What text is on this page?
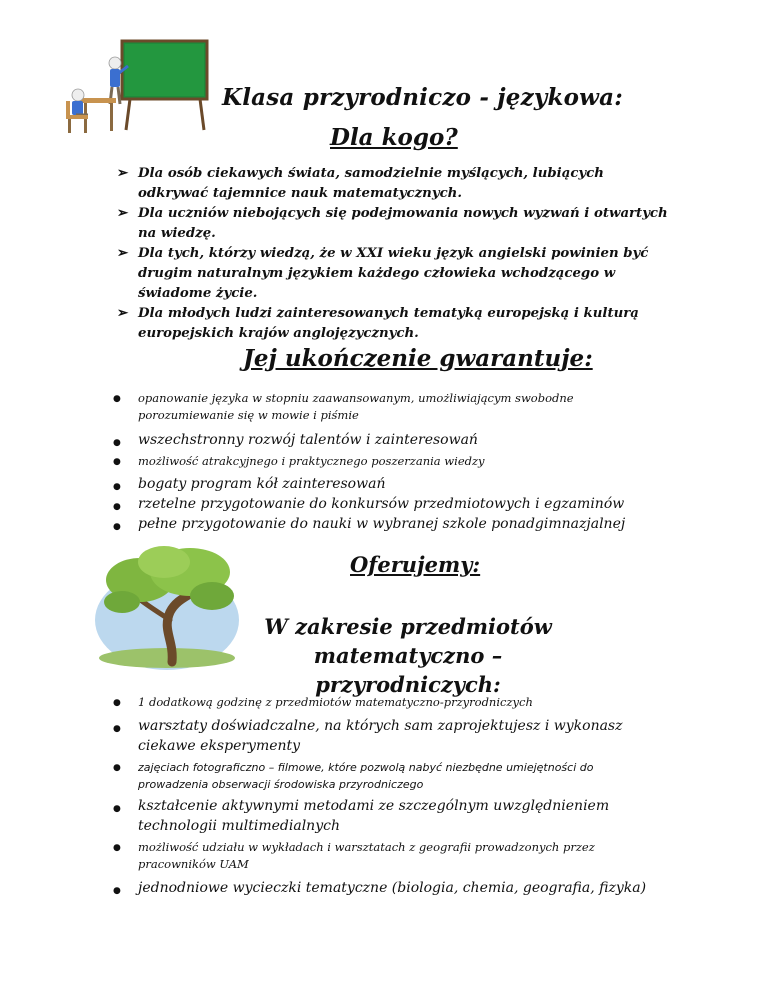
Klasa przyrodniczo - językowa:
Dla kogo?
➢ Dla osób ciekawych świata, samodzielnie myślących, lubiących odkrywać tajemnice nauk matematycznych.
➢ Dla uczniów niebojących się podejmowania nowych wyzwań i otwartych na wiedzę.
➢ Dla tych, którzy wiedzą, że w XXI wieku język angielski powinien być drugim naturalnym językiem każdego człowieka wchodzącego w świadome życie.
➢ Dla młodych ludzi zainteresowanych tematyką europejską i kulturą europejskich krajów anglojęzycznych.
Jej ukończenie gwarantuje:
● opanowanie języka w stopniu zaawansowanym, umożliwiającym swobodne porozumiewanie się w mowie i piśmie
● wszechstronny rozwój talentów i zainteresowań
● możliwość atrakcyjnego i praktycznego poszerzania wiedzy
● bogaty program kół zainteresowań
● rzetelne przygotowanie do konkursów przedmiotowych i egzaminów
● pełne przygotowanie do nauki w wybranej szkole ponadgimnazjalnej
Oferujemy:
W zakresie przedmiotów matematyczno – przyrodniczych:
● 1 dodatkową godzinę z przedmiotów matematyczno-przyrodniczych
● warsztaty doświadczalne, na których sam zaprojektujesz i wykonasz ciekawe eksperymenty
● zajęciach fotograficzno – filmowe, które pozwolą nabyć niezbędne umiejętności do prowadzenia obserwacji środowiska przyrodniczego
● kształcenie aktywnymi metodami ze szczególnym uwzględnieniem technologii multimedialnych
● możliwość udziału w wykładach i warsztatach z geografii prowadzonych przez pracowników UAM
● jednodniowe wycieczki tematyczne (biologia, chemia, geografia, fizyka)
